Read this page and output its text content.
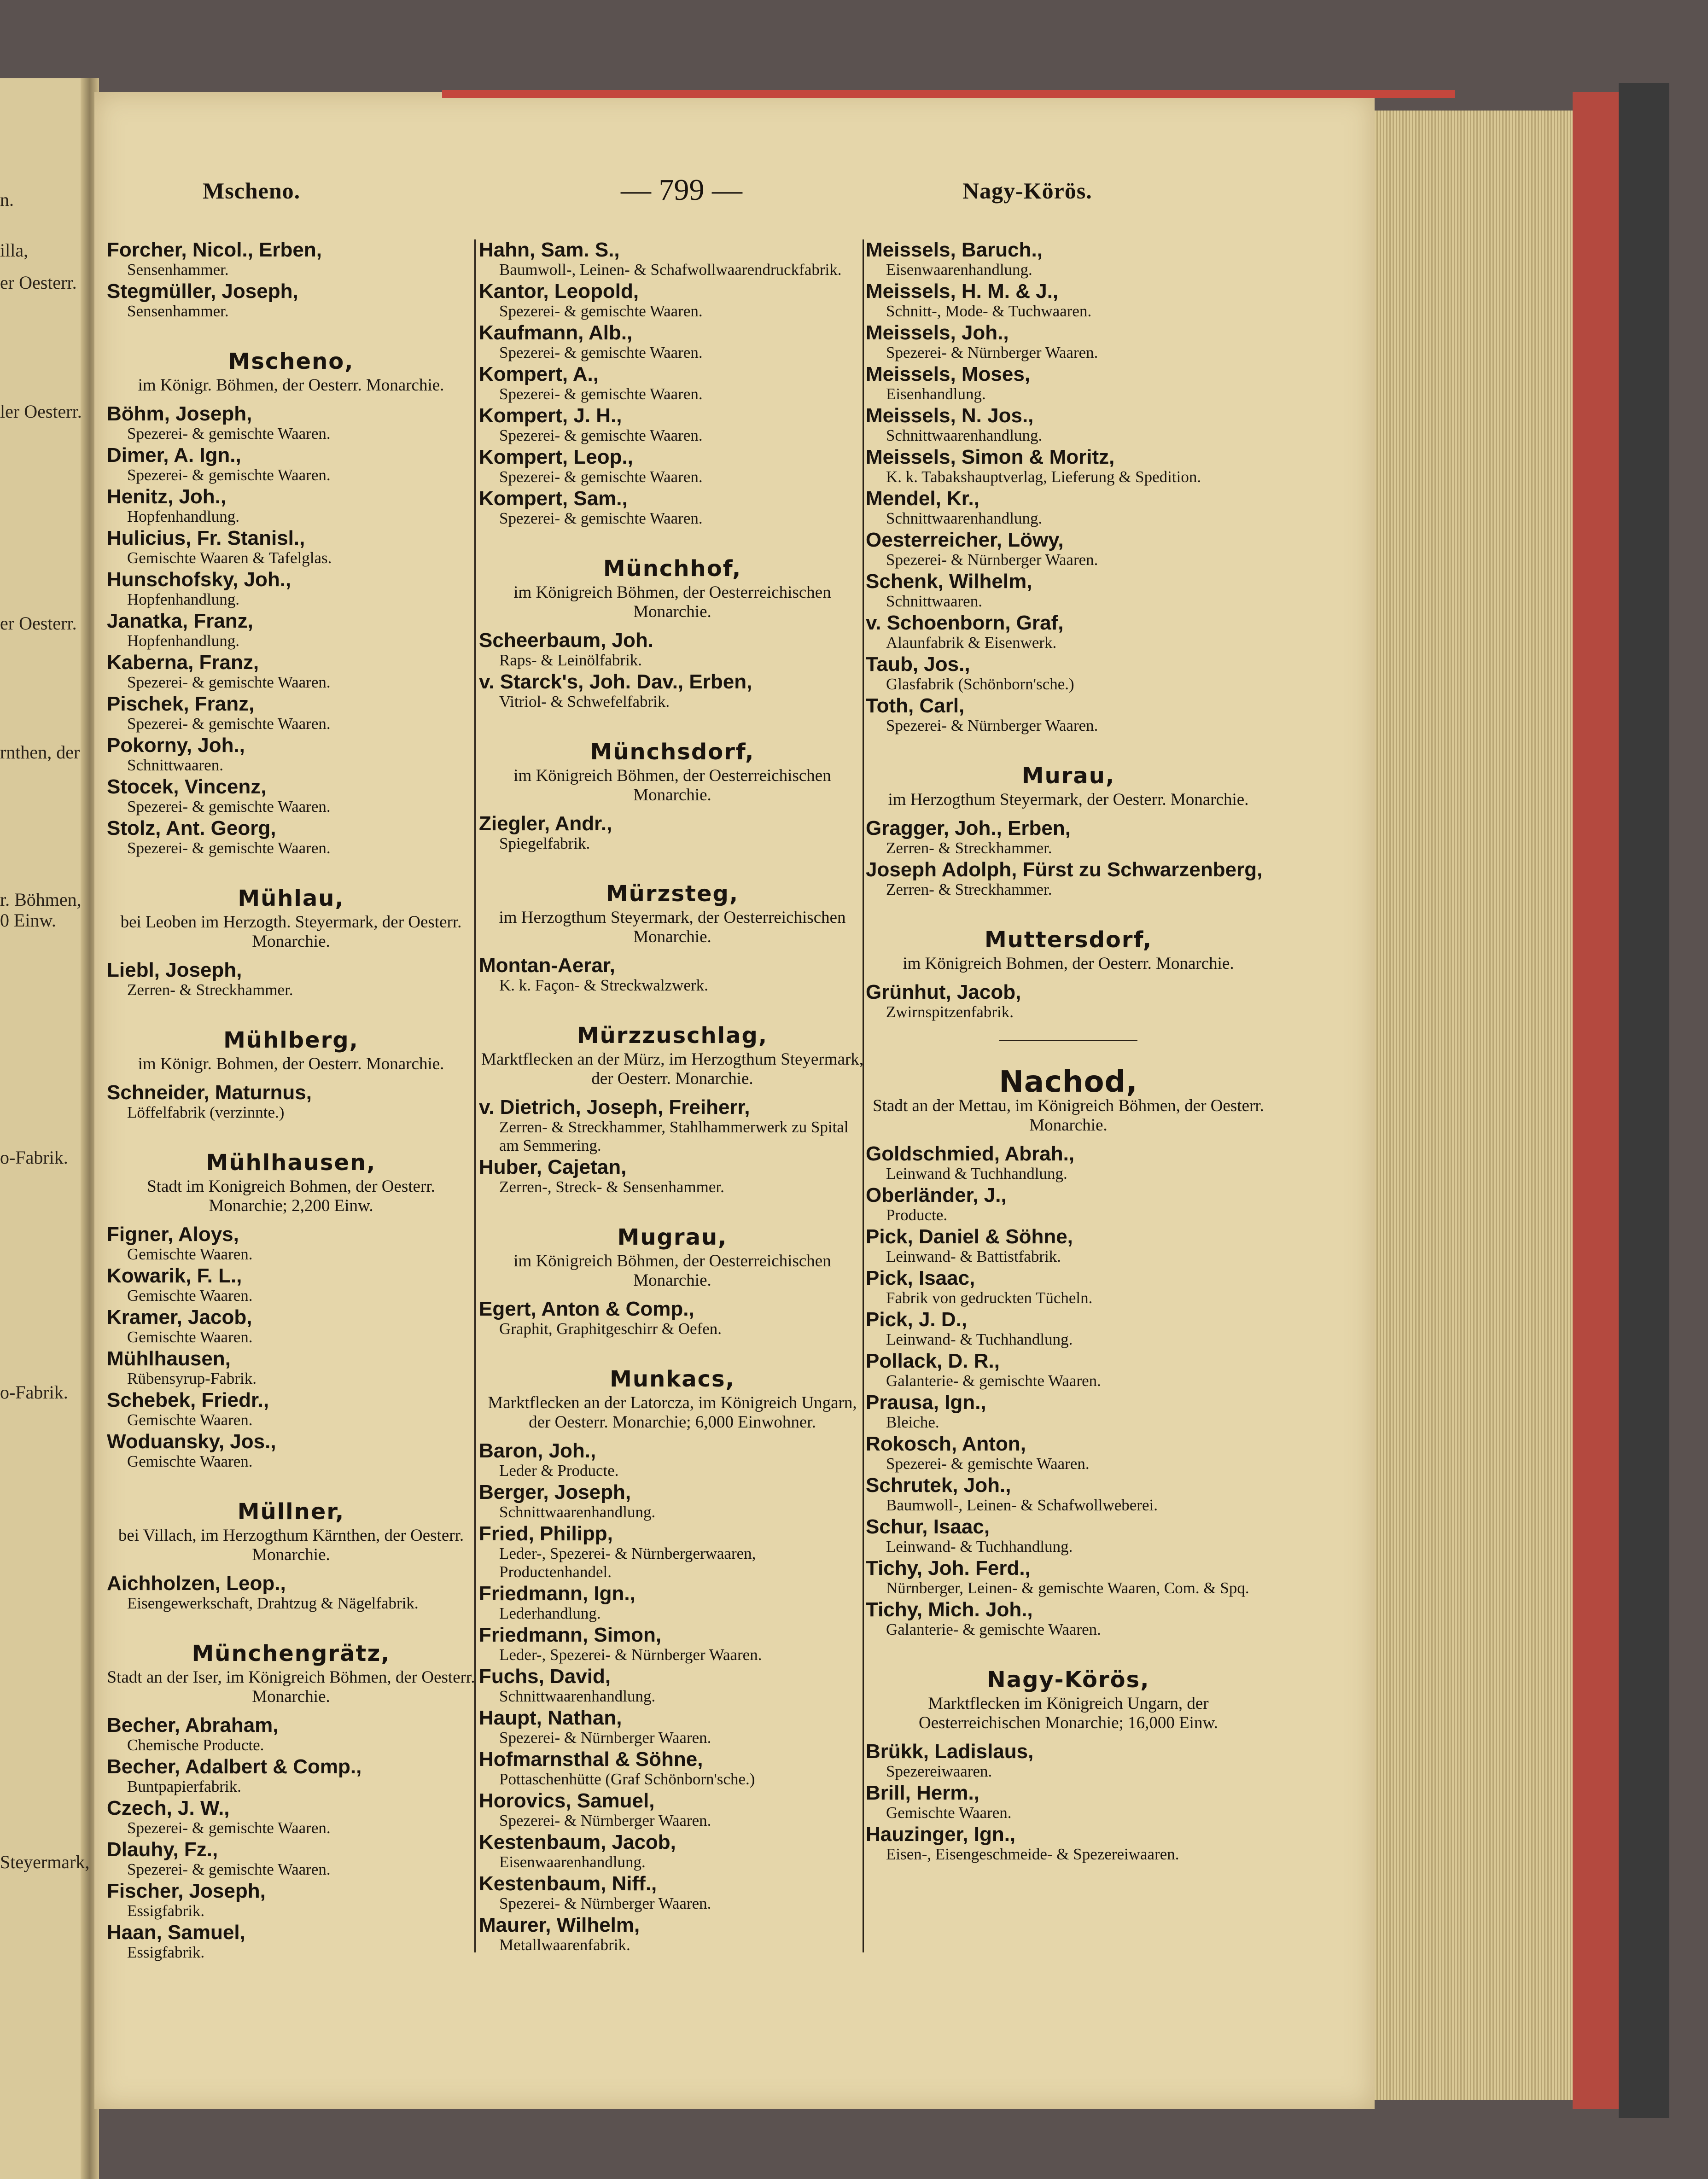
n.
illa,
er Oesterr.
ler Oesterr.
er Oesterr.
rnthen, der
r. Böhmen,
0 Einw.
o-Fabrik.
o-Fabrik.
Steyermark,
Mscheno.	— 799 —	Nagy-Körös.
Forcher, Nicol., Erben,
Sensenhammer.
Stegmüller, Joseph,
Sensenhammer.
Mscheno,
im Königr. Böhmen, der Oesterr. Monarchie.
Böhm, Joseph,
Spezerei- & gemischte Waaren.
Dimer, A. Ign.,
Spezerei- & gemischte Waaren.
Henitz, Joh.,
Hopfenhandlung.
Hulicius, Fr. Stanisl.,
Gemischte Waaren & Tafelglas.
Hunschofsky, Joh.,
Hopfenhandlung.
Janatka, Franz,
Hopfenhandlung.
Kaberna, Franz,
Spezerei- & gemischte Waaren.
Pischek, Franz,
Spezerei- & gemischte Waaren.
Pokorny, Joh.,
Schnittwaaren.
Stocek, Vincenz,
Spezerei- & gemischte Waaren.
Stolz, Ant. Georg,
Spezerei- & gemischte Waaren.
Mühlau,
bei Leoben im Herzogth. Steyermark, der Oesterr. Monarchie.
Liebl, Joseph,
Zerren- & Streckhammer.
Mühlberg,
im Königr. Bohmen, der Oesterr. Monarchie.
Schneider, Maturnus,
Löffelfabrik (verzinnte.)
Mühlhausen,
Stadt im Konigreich Bohmen, der Oesterr. Monarchie; 2,200 Einw.
Figner, Aloys,
Gemischte Waaren.
Kowarik, F. L.,
Gemischte Waaren.
Kramer, Jacob,
Gemischte Waaren.
Mühlhausen,
Rübensyrup-Fabrik.
Schebek, Friedr.,
Gemischte Waaren.
Woduansky, Jos.,
Gemischte Waaren.
Müllner,
bei Villach, im Herzogthum Kärnthen, der Oesterr. Monarchie.
Aichholzen, Leop.,
Eisengewerkschaft, Drahtzug & Nägelfabrik.
Münchengrätz,
Stadt an der Iser, im Königreich Böhmen, der Oesterr. Monarchie.
Becher, Abraham,
Chemische Producte.
Becher, Adalbert & Comp.,
Buntpapierfabrik.
Czech, J. W.,
Spezerei- & gemischte Waaren.
Dlauhy, Fz.,
Spezerei- & gemischte Waaren.
Fischer, Joseph,
Essigfabrik.
Haan, Samuel,
Essigfabrik.
Hahn, Sam. S.,
Baumwoll-, Leinen- & Schafwollwaarendruckfabrik.
Kantor, Leopold,
Spezerei- & gemischte Waaren.
Kaufmann, Alb.,
Spezerei- & gemischte Waaren.
Kompert, A.,
Spezerei- & gemischte Waaren.
Kompert, J. H.,
Spezerei- & gemischte Waaren.
Kompert, Leop.,
Spezerei- & gemischte Waaren.
Kompert, Sam.,
Spezerei- & gemischte Waaren.
Münchhof,
im Königreich Böhmen, der Oesterreichischen Monarchie.
Scheerbaum, Joh.
Raps- & Leinölfabrik.
v. Starck's, Joh. Dav., Erben,
Vitriol- & Schwefelfabrik.
Münchsdorf,
im Königreich Böhmen, der Oesterreichischen Monarchie.
Ziegler, Andr.,
Spiegelfabrik.
Mürzsteg,
im Herzogthum Steyermark, der Oesterreichischen Monarchie.
Montan-Aerar,
K. k. Façon- & Streckwalzwerk.
Mürzzuschlag,
Marktflecken an der Mürz, im Herzogthum Steyermark, der Oesterr. Monarchie.
v. Dietrich, Joseph, Freiherr,
Zerren- & Streckhammer, Stahlhammerwerk zu Spital am Semmering.
Huber, Cajetan,
Zerren-, Streck- & Sensenhammer.
Mugrau,
im Königreich Böhmen, der Oesterreichischen Monarchie.
Egert, Anton & Comp.,
Graphit, Graphitgeschirr & Oefen.
Munkacs,
Marktflecken an der Latorcza, im Königreich Ungarn, der Oesterr. Monarchie; 6,000 Einwohner.
Baron, Joh.,
Leder & Producte.
Berger, Joseph,
Schnittwaarenhandlung.
Fried, Philipp,
Leder-, Spezerei- & Nürnbergerwaaren, Productenhandel.
Friedmann, Ign.,
Lederhandlung.
Friedmann, Simon,
Leder-, Spezerei- & Nürnberger Waaren.
Fuchs, David,
Schnittwaarenhandlung.
Haupt, Nathan,
Spezerei- & Nürnberger Waaren.
Hofmarnsthal & Söhne,
Pottaschenhütte (Graf Schönborn'sche.)
Horovics, Samuel,
Spezerei- & Nürnberger Waaren.
Kestenbaum, Jacob,
Eisenwaarenhandlung.
Kestenbaum, Niff.,
Spezerei- & Nürnberger Waaren.
Maurer, Wilhelm,
Metallwaarenfabrik.
Meissels, Baruch.,
Eisenwaarenhandlung.
Meissels, H. M. & J.,
Schnitt-, Mode- & Tuchwaaren.
Meissels, Joh.,
Spezerei- & Nürnberger Waaren.
Meissels, Moses,
Eisenhandlung.
Meissels, N. Jos.,
Schnittwaarenhandlung.
Meissels, Simon & Moritz,
K. k. Tabakshauptverlag, Lieferung & Spedition.
Mendel, Kr.,
Schnittwaarenhandlung.
Oesterreicher, Löwy,
Spezerei- & Nürnberger Waaren.
Schenk, Wilhelm,
Schnittwaaren.
v. Schoenborn, Graf,
Alaunfabrik & Eisenwerk.
Taub, Jos.,
Glasfabrik (Schönborn'sche.)
Toth, Carl,
Spezerei- & Nürnberger Waaren.
Murau,
im Herzogthum Steyermark, der Oesterr. Monarchie.
Gragger, Joh., Erben,
Zerren- & Streckhammer.
Joseph Adolph, Fürst zu Schwarzenberg,
Zerren- & Streckhammer.
Muttersdorf,
im Königreich Bohmen, der Oesterr. Monarchie.
Grünhut, Jacob,
Zwirnspitzenfabrik.
Nachod,
Stadt an der Mettau, im Königreich Böhmen, der Oesterr. Monarchie.
Goldschmied, Abrah.,
Leinwand & Tuchhandlung.
Oberländer, J.,
Producte.
Pick, Daniel & Söhne,
Leinwand- & Battistfabrik.
Pick, Isaac,
Fabrik von gedruckten Tücheln.
Pick, J. D.,
Leinwand- & Tuchhandlung.
Pollack, D. R.,
Galanterie- & gemischte Waaren.
Prausa, Ign.,
Bleiche.
Rokosch, Anton,
Spezerei- & gemischte Waaren.
Schrutek, Joh.,
Baumwoll-, Leinen- & Schafwollweberei.
Schur, Isaac,
Leinwand- & Tuchhandlung.
Tichy, Joh. Ferd.,
Nürnberger, Leinen- & gemischte Waaren, Com. & Spq.
Tichy, Mich. Joh.,
Galanterie- & gemischte Waaren.
Nagy-Körös,
Marktflecken im Königreich Ungarn, der Oesterreichischen Monarchie; 16,000 Einw.
Brükk, Ladislaus,
Spezereiwaaren.
Brill, Herm.,
Gemischte Waaren.
Hauzinger, Ign.,
Eisen-, Eisengeschmeide- & Spezereiwaaren.
